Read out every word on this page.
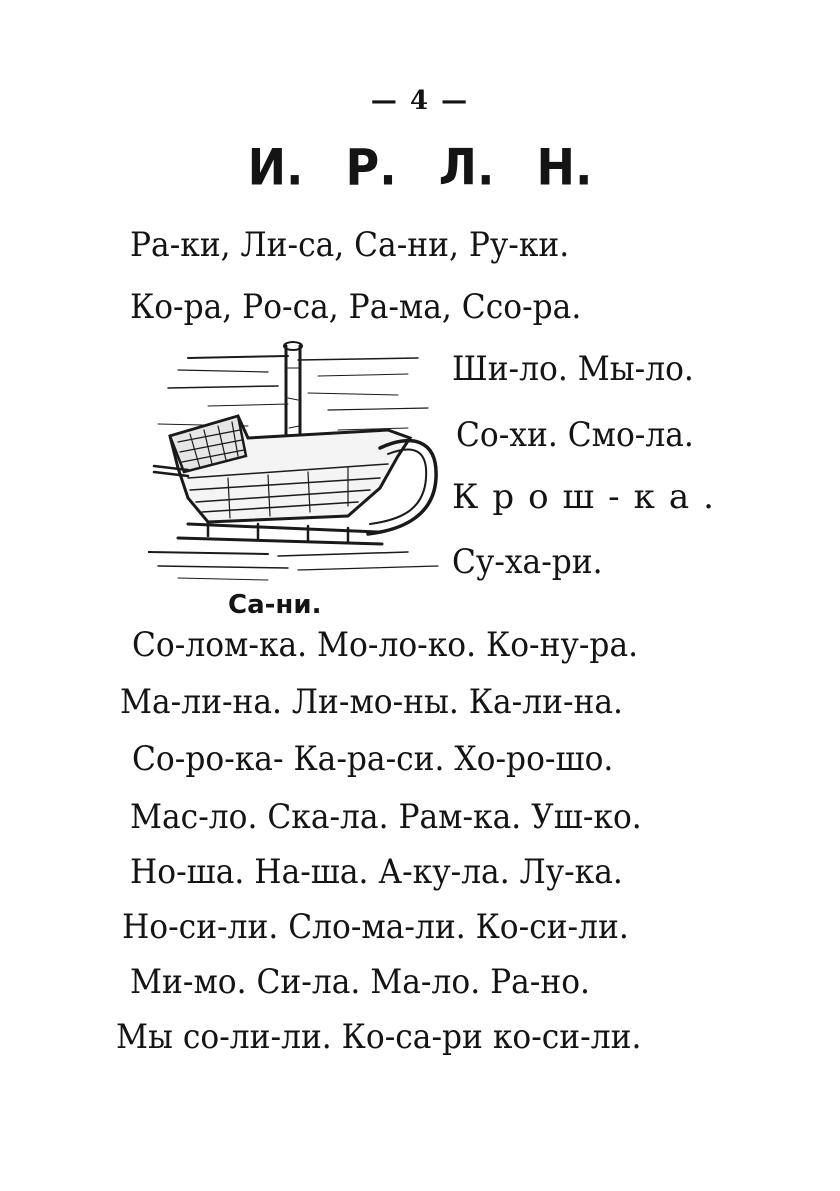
— 4 —
И. Р. Л. Н.
Ра-ки, Ли-са, Са-ни, Ру-ки.
Ко-ра, Ро-са, Ра-ма, Ссо-ра.
Ши-ло. Мы-ло.
Со-хи. Смо-ла.
Крош-ка.
Су-ха-ри.
Са-ни.
Со-лом-ка. Мо-ло-ко. Ко-ну-ра.
Ма-ли-на. Ли-мо-ны. Ка-ли-на.
Со-ро-ка- Ка-ра-си. Хо-ро-шо.
Мас-ло. Ска-ла. Рам-ка. Уш-ко.
Но-ша. На-ша. А-ку-ла. Лу-ка.
Но-си-ли. Сло-ма-ли. Ко-си-ли.
Ми-мо. Си-ла. Ма-ло. Ра-но.
Мы со-ли-ли. Ко-са-ри ко-си-ли.
